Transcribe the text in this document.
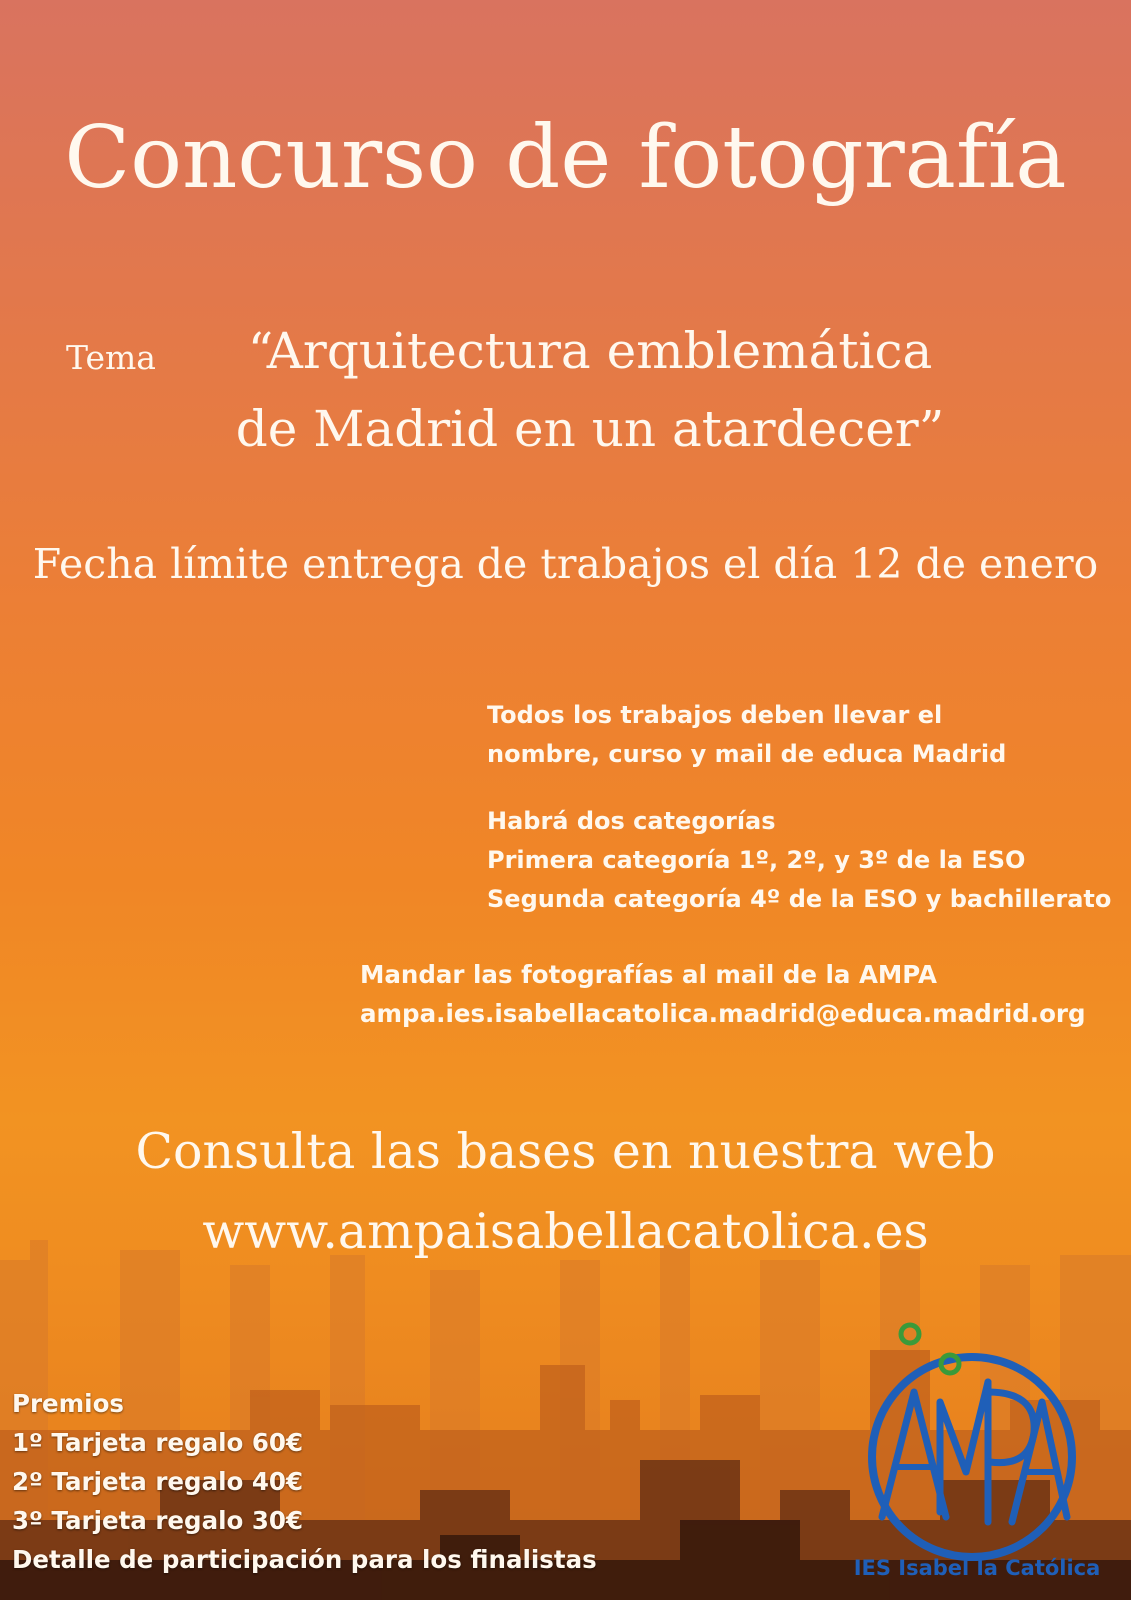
Concurso de fotografía
Tema	“Arquitectura emblemática
de Madrid en un atardecer”
Fecha límite entrega de trabajos el día 12 de enero
Todos los trabajos deben llevar el
nombre, curso y mail de educa Madrid
Habrá dos categorías
Primera categoría 1º, 2º, y 3º de la ESO
Segunda categoría 4º de la ESO y bachillerato
Mandar las fotografías al mail de la AMPA
ampa.ies.isabellacatolica.madrid@educa.madrid.org
Consulta las bases en nuestra web
www.ampaisabellacatolica.es
Premios
1º Tarjeta regalo 60€
2º Tarjeta regalo 40€
3º Tarjeta regalo 30€
Detalle de participación para los finalistas	IES Isabel la Católica
